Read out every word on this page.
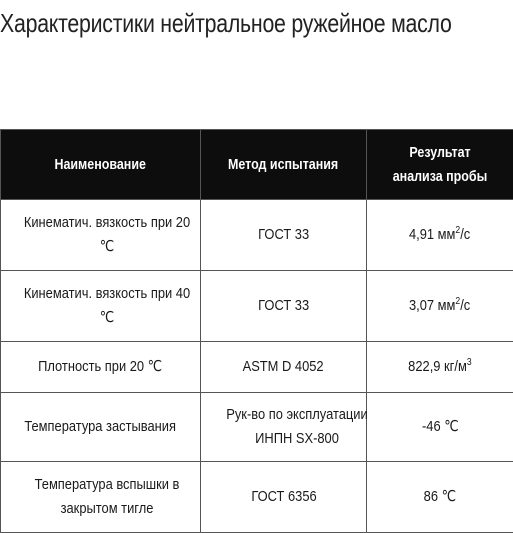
Характеристики нейтральное ружейное масло
Наименование	Метод испытания	Результат анализа пробы
Кинематич. вязкость при 20 ℃	ГОСТ 33	4,91 $мм^2/с$
Кинематич. вязкость при 40 ℃	ГОСТ 33	3,07 $мм^2/с$
Плотность при 20 ℃	ASTM D 4052	822,9 $кг/м^3$
Температура застывания	Рук-во по эксплуатации ИНПН SX-800	-46 ℃
Температура вспышки в закрытом тигле	ГОСТ 6356	86 ℃
